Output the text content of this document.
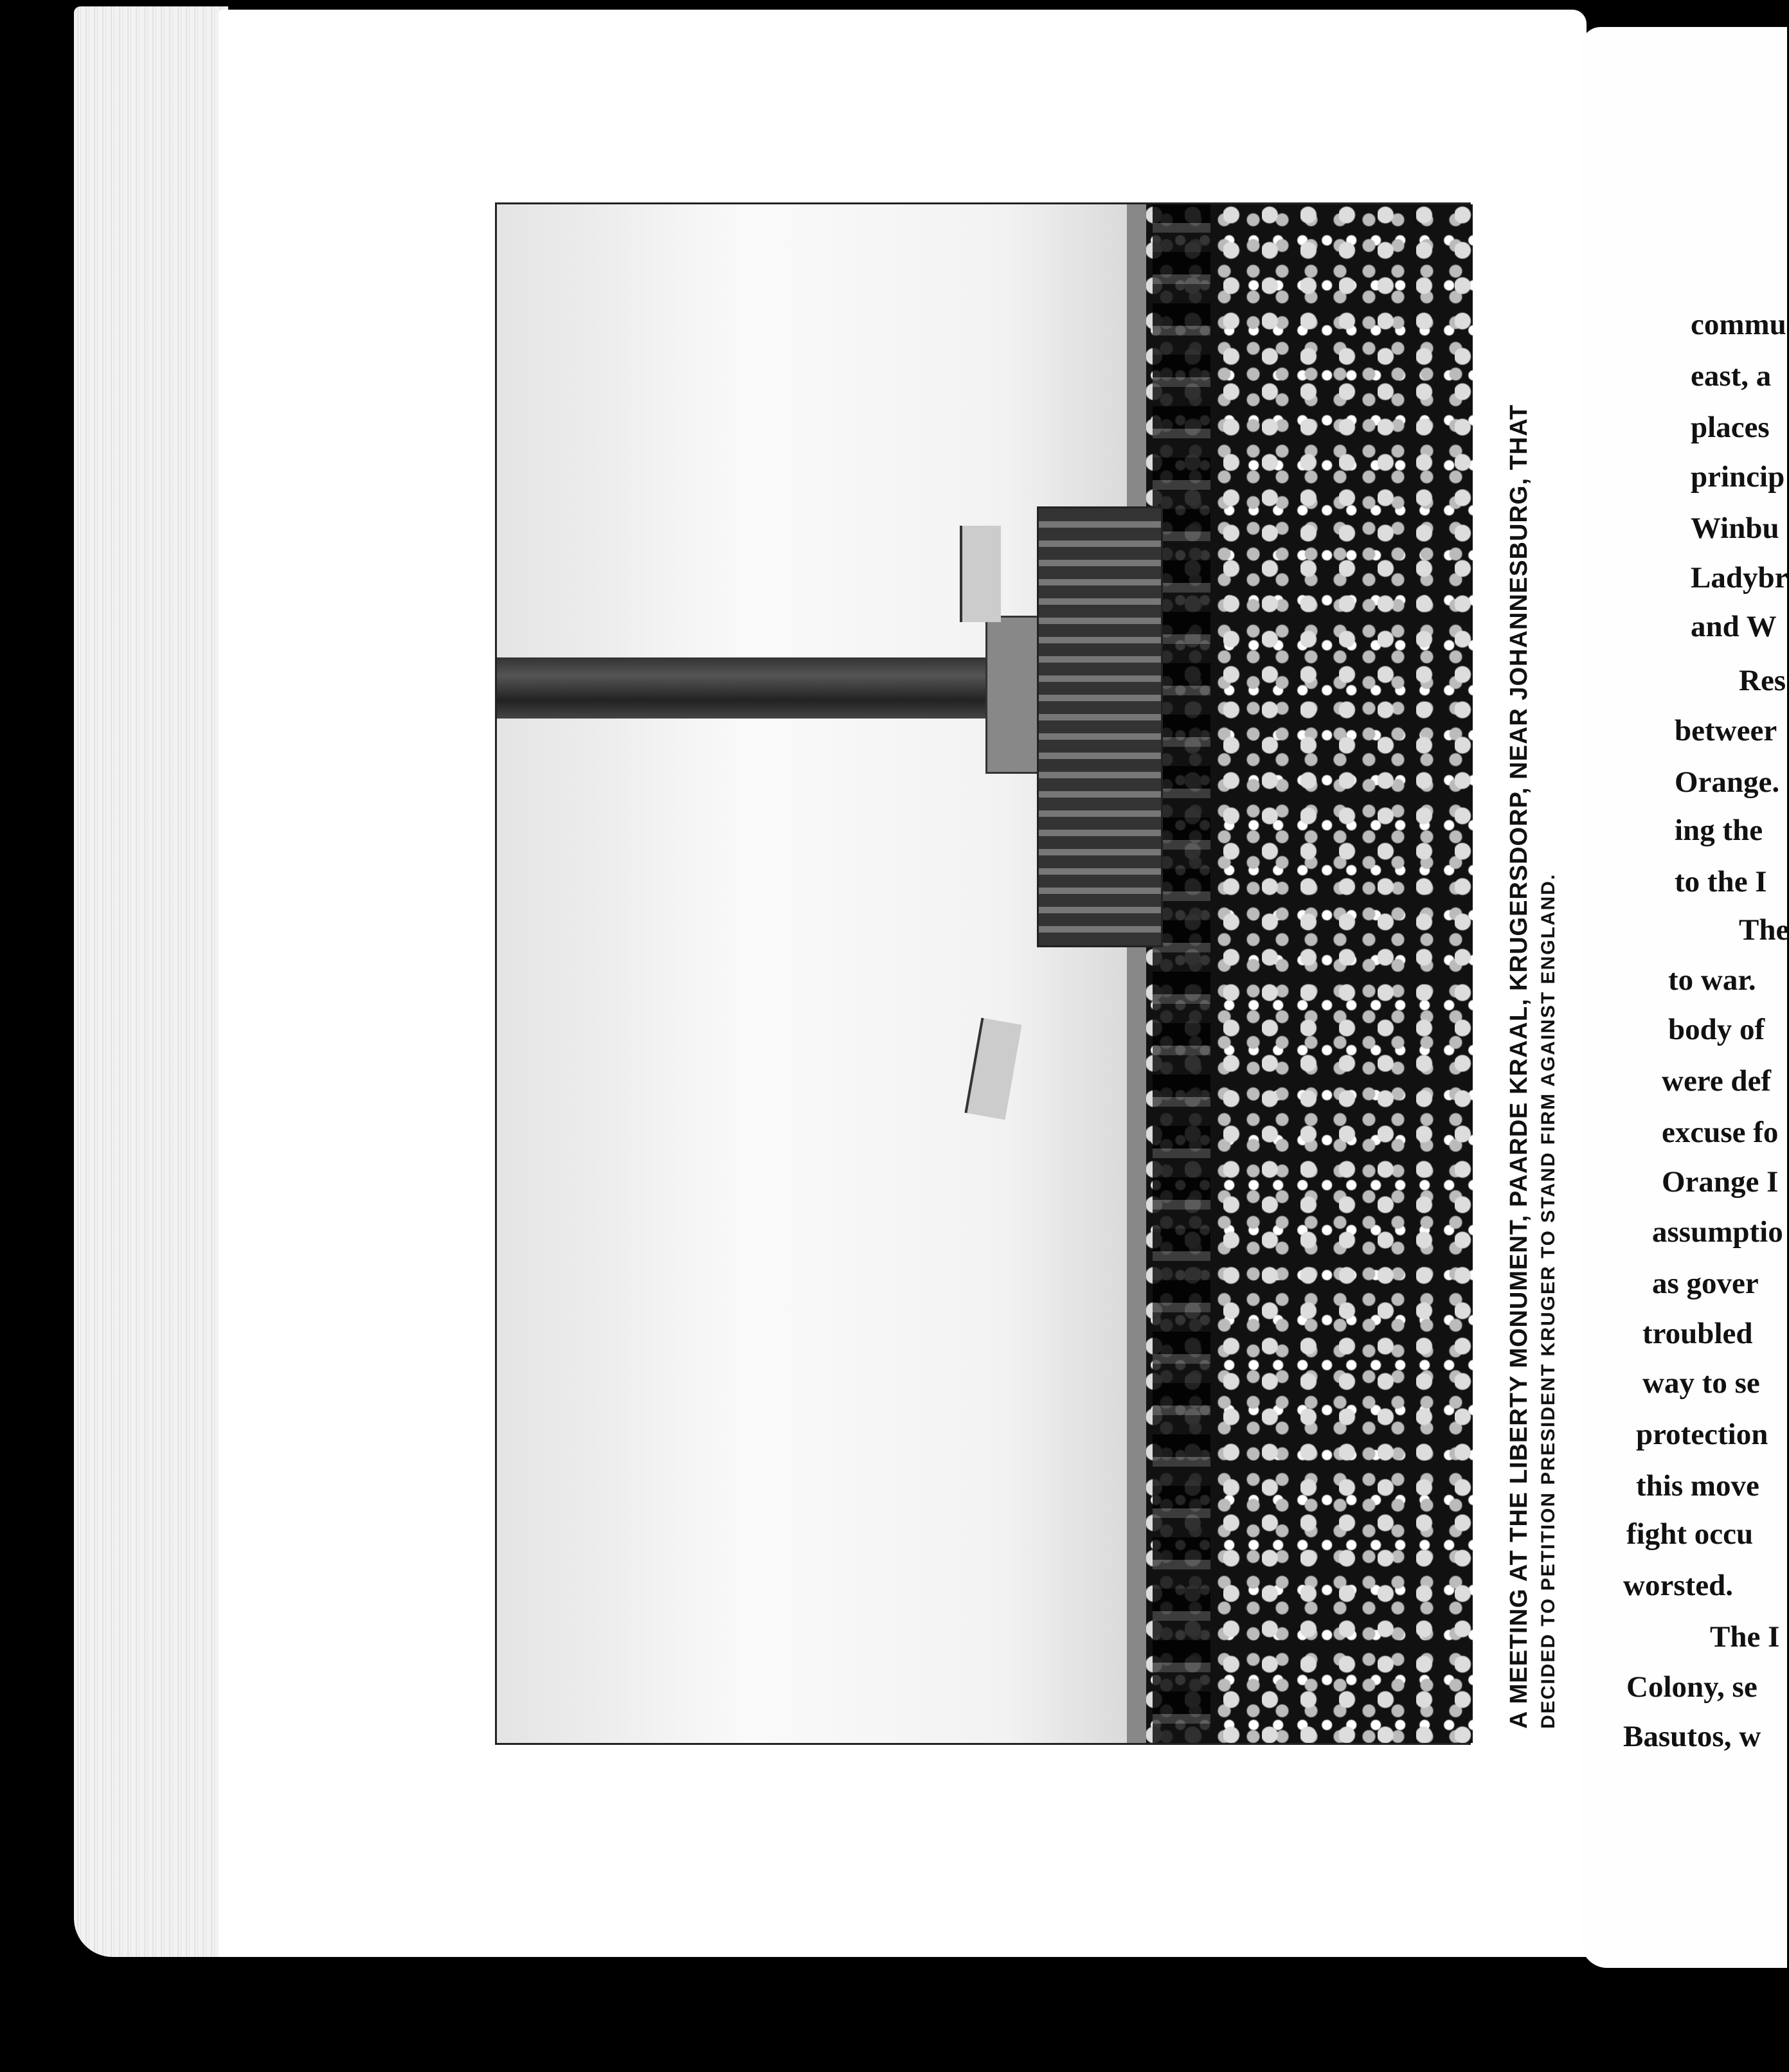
A MEETING AT THE LIBERTY MONUMENT, PAARDE KRAAL, KRUGERSDORP, NEAR JOHANNESBURG, THAT DECIDED TO PETITION PRESIDENT KRUGER TO STAND FIRM AGAINST ENGLAND.
commu
east, a
places
princip
Winbu
Ladybr
and W
Res
betweer
Orange.
ing the
to the I
The
to war.
body of
were def
excuse fo
Orange I
assumptio
as gover
troubled
way to se
protection
this move
fight occu
worsted.
The I
Colony, se
Basutos, w
